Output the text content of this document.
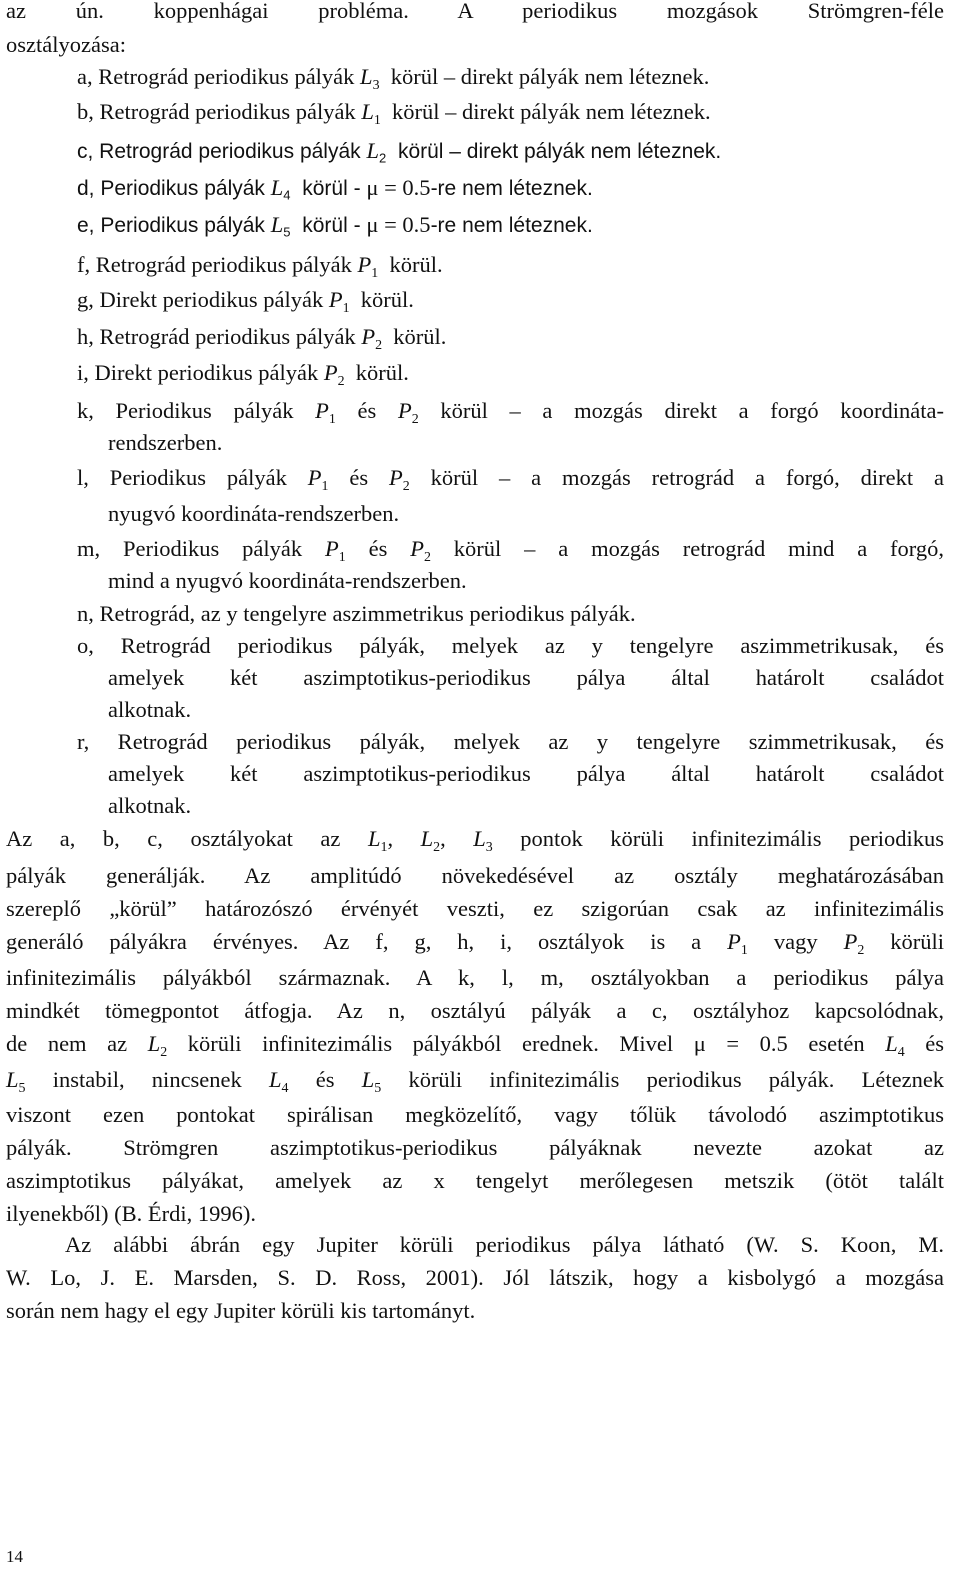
az ún. koppenhágai probléma. A periodikus mozgások Strömgren-féle
osztályozása:
a, Retrográd periodikus pályák $L_3$ körül – direkt pályák nem léteznek.
b, Retrográd periodikus pályák $L_1$ körül – direkt pályák nem léteznek.
c, Retrográd periodikus pályák $L_2$ körül – direkt pályák nem léteznek.
d, Periodikus pályák $L_4$ körül - μ = 0.5-re nem léteznek.
e, Periodikus pályák $L_5$ körül - μ = 0.5-re nem léteznek.
f, Retrográd periodikus pályák $P_1$ körül.
g, Direkt periodikus pályák $P_1$ körül.
h, Retrográd periodikus pályák $P_2$ körül.
i, Direkt periodikus pályák $P_2$ körül.
k, Periodikus pályák $P_1$ és $P_2$ körül – a mozgás direkt a forgó koordináta-
rendszerben.
l, Periodikus pályák $P_1$ és $P_2$ körül – a mozgás retrográd a forgó, direkt a
nyugvó koordináta-rendszerben.
m, Periodikus pályák $P_1$ és $P_2$ körül – a mozgás retrográd mind a forgó,
mind a nyugvó koordináta-rendszerben.
n, Retrográd, az y tengelyre aszimmetrikus periodikus pályák.
o, Retrográd periodikus pályák, melyek az y tengelyre aszimmetrikusak, és
amelyek két aszimptotikus-periodikus pálya által határolt családot
alkotnak.
r, Retrográd periodikus pályák, melyek az y tengelyre szimmetrikusak, és
amelyek két aszimptotikus-periodikus pálya által határolt családot
alkotnak.
Az a, b, c, osztályokat az $L_1$, $L_2$, $L_3$ pontok körüli infinitezimális periodikus
pályák generálják. Az amplitúdó növekedésével az osztály meghatározásában
szereplő „körül” határozószó érvényét veszti, ez szigorúan csak az infinitezimális
generáló pályákra érvényes. Az f, g, h, i, osztályok is a $P_1$ vagy $P_2$ körüli
infinitezimális pályákból származnak. A k, l, m, osztályokban a periodikus pálya
mindkét tömegpontot átfogja. Az n, osztályú pályák a c, osztályhoz kapcsolódnak,
de nem az $L_2$ körüli infinitezimális pályákból erednek. Mivel μ = 0.5 esetén $L_4$ és
$L_5$ instabil, nincsenek $L_4$ és $L_5$ körüli infinitezimális periodikus pályák. Léteznek
viszont ezen pontokat spirálisan megközelítő, vagy tőlük távolodó aszimptotikus
pályák. Strömgren aszimptotikus-periodikus pályáknak nevezte azokat az
aszimptotikus pályákat, amelyek az x tengelyt merőlegesen metszik (ötöt talált
ilyenekből) (B. Érdi, 1996).
Az alábbi ábrán egy Jupiter körüli periodikus pálya látható (W. S. Koon, M.
W. Lo, J. E. Marsden, S. D. Ross, 2001). Jól látszik, hogy a kisbolygó a mozgása
során nem hagy el egy Jupiter körüli kis tartományt.
14
